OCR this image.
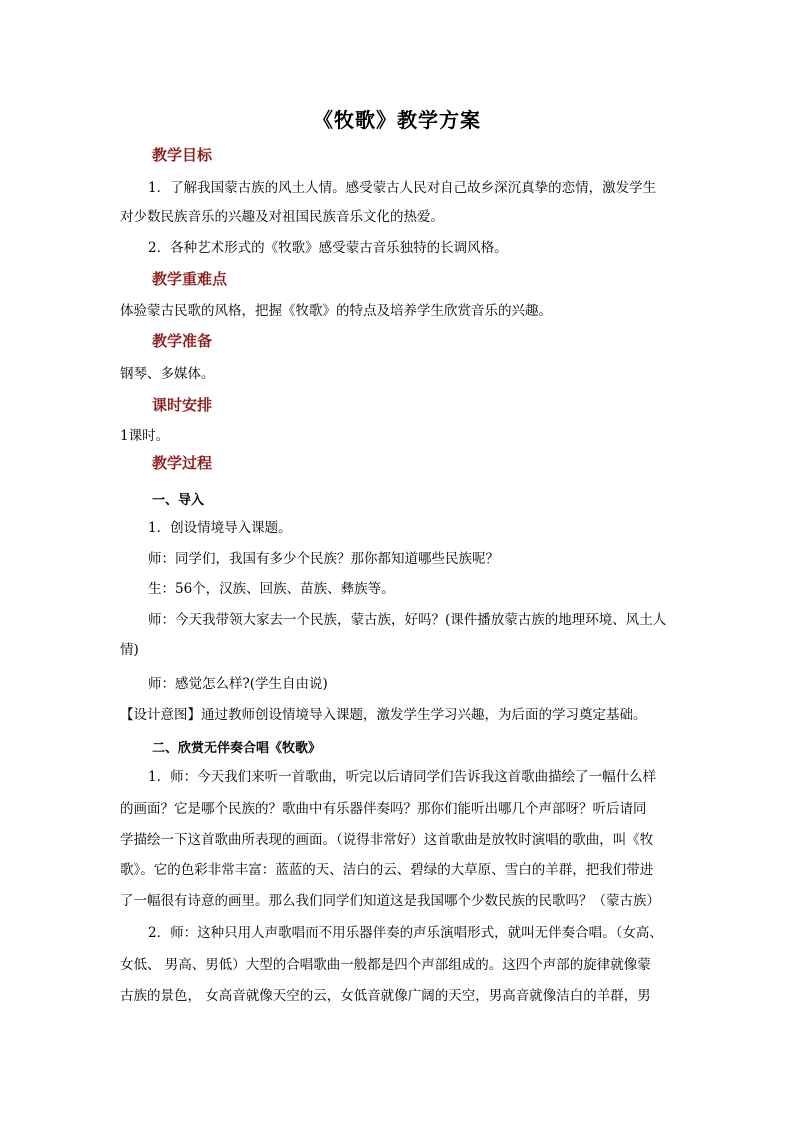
《牧歌》教学方案
教学目标
1．了解我国蒙古族的风土人情。感受蒙古人民对自己故乡深沉真挚的恋情，激发学生
对少数民族音乐的兴趣及对祖国民族音乐文化的热爱。
2．各种艺术形式的《牧歌》感受蒙古音乐独特的长调风格。
教学重难点
体验蒙古民歌的风格，把握《牧歌》的特点及培养学生欣赏音乐的兴趣。
教学准备
钢琴、多媒体。
课时安排
1课时。
教学过程
一、导入
1．创设情境导入课题。
师：同学们，我国有多少个民族？那你都知道哪些民族呢？
生：56个，汉族、回族、苗族、彝族等。
师：今天我带领大家去一个民族，蒙古族，好吗？(课件播放蒙古族的地理环境、风土人
情)
师：感觉怎么样?(学生自由说)
【设计意图】通过教师创设情境导入课题，激发学生学习兴趣，为后面的学习奠定基础。
二、欣赏无伴奏合唱《牧歌》
1．师：今天我们来听一首歌曲，听完以后请同学们告诉我这首歌曲描绘了一幅什么样
的画面？它是哪个民族的？歌曲中有乐器伴奏吗？那你们能听出哪几个声部呀？听后请同
学描绘一下这首歌曲所表现的画面。（说得非常好）这首歌曲是放牧时演唱的歌曲，叫《牧
歌》。它的色彩非常丰富：蓝蓝的天、洁白的云、碧绿的大草原、雪白的羊群，把我们带进
了一幅很有诗意的画里。那么我们同学们知道这是我国哪个少数民族的民歌吗？（蒙古族）
2．师：这种只用人声歌唱而不用乐器伴奏的声乐演唱形式，就叫无伴奏合唱。（女高、
女低、 男高、男低）大型的合唱歌曲一般都是四个声部组成的。这四个声部的旋律就像蒙
古族的景色， 女高音就像天空的云，女低音就像广阔的天空，男高音就像洁白的羊群，男
